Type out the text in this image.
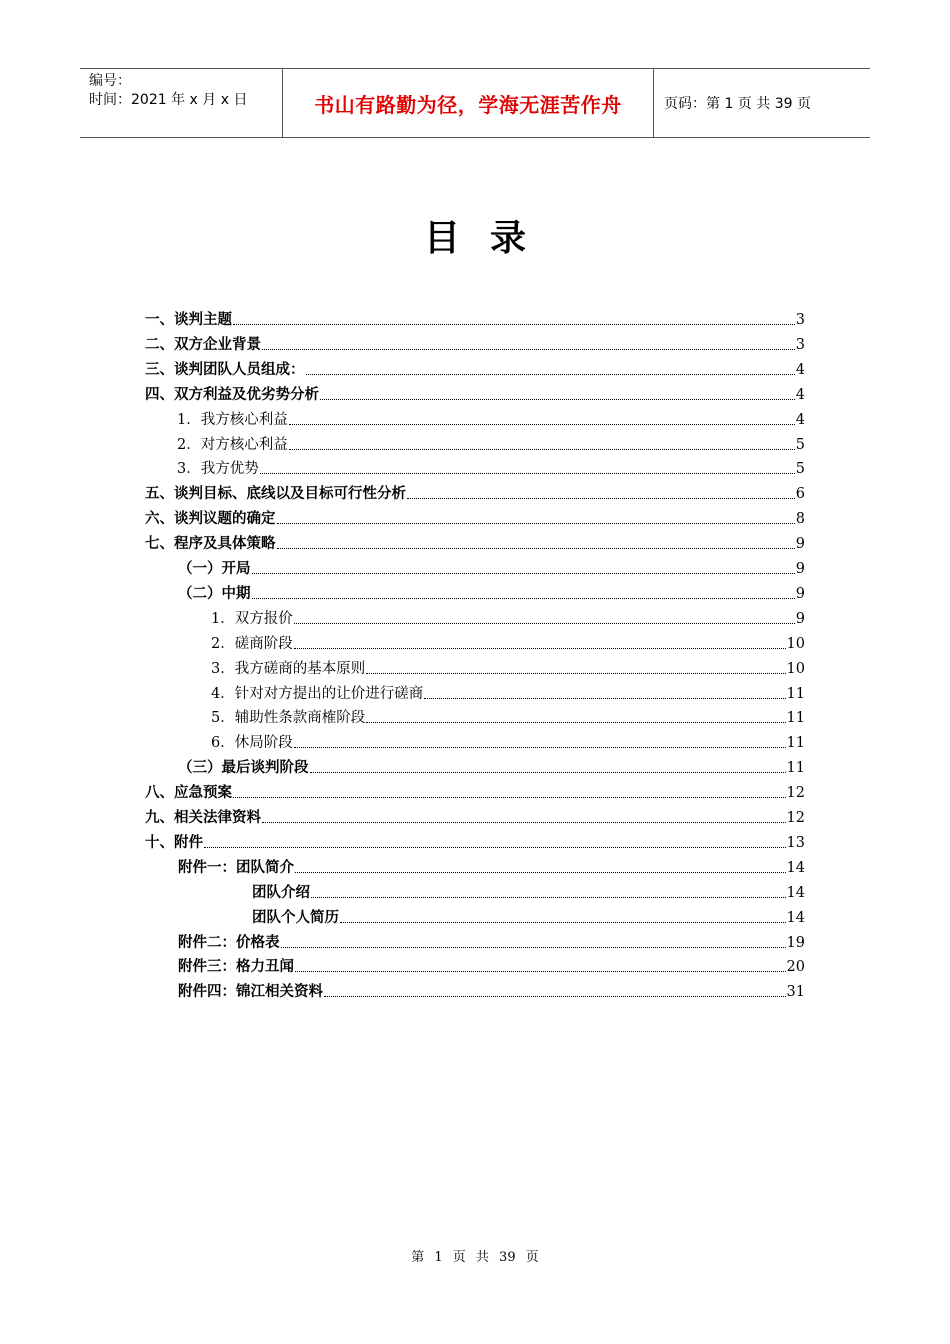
编号：
时间：2021 年 x 月 x 日	书山有路勤为径，学海无涯苦作舟	页码：第 1 页 共 39 页
目录
一、谈判主题	3
二、双方企业背景	3
三、谈判团队人员组成：	4
四、双方利益及优劣势分析	4
1．我方核心利益	4
2．对方核心利益	5
3．我方优势	5
五、谈判目标、底线以及目标可行性分析	6
六、谈判议题的确定	8
七、程序及具体策略	9
（一）开局	9
（二）中期	9
1．双方报价	9
2．磋商阶段	10
3．我方磋商的基本原则	10
4．针对对方提出的让价进行磋商	11
5．辅助性条款商榷阶段	11
6．休局阶段	11
（三）最后谈判阶段	11
八、应急预案	12
九、相关法律资料	12
十、附件	13
附件一：团队简介	14
团队介绍	14
团队个人简历	14
附件二：价格表	19
附件三：格力丑闻	20
附件四：锦江相关资料	31
第 1 页 共 39 页
